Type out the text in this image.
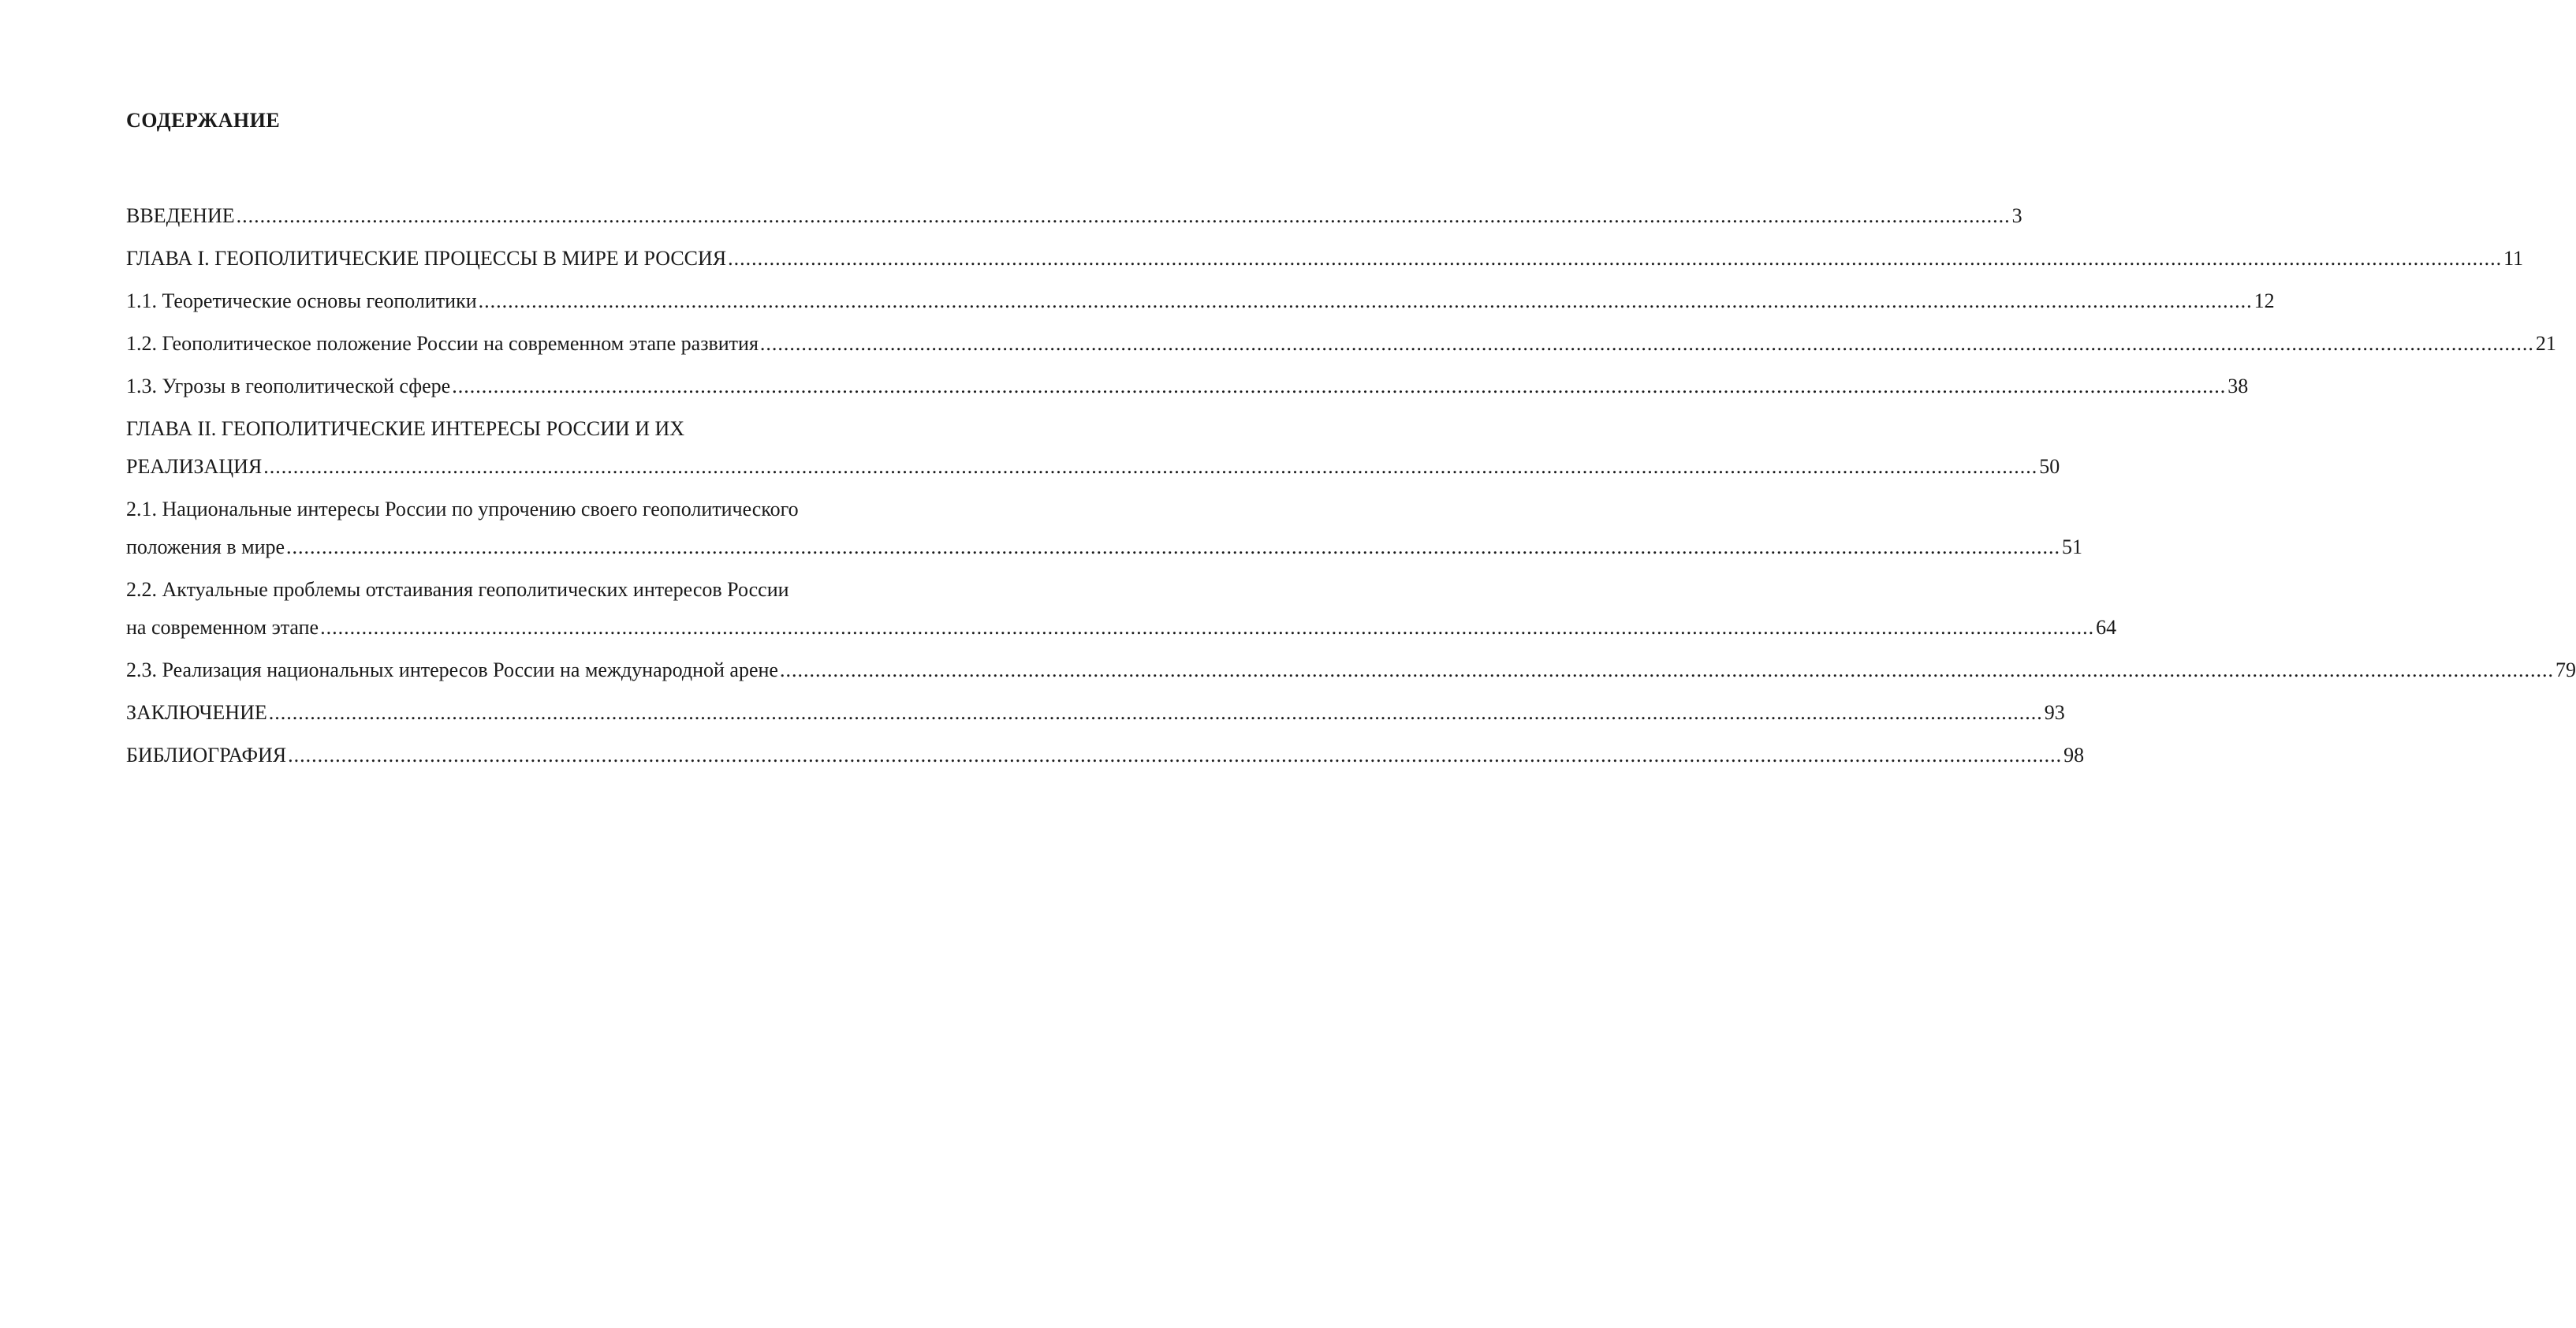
СОДЕРЖАНИЕ
ВВЕДЕНИЕ ............................................................................................................................................................................................................................................................................................................ 3
ГЛАВА I. ГЕОПОЛИТИЧЕСКИЕ ПРОЦЕССЫ В МИРЕ И РОССИЯ ............................................................................................................................................................................................................................................................................................................ 11
1.1. Теоретические основы геополитики ............................................................................................................................................................................................................................................................................................................ 12
1.2. Геополитическое положение России на современном этапе развития ............................................................................................................................................................................................................................................................................................................ 21
1.3. Угрозы в геополитической сфере ............................................................................................................................................................................................................................................................................................................ 38
ГЛАВА II. ГЕОПОЛИТИЧЕСКИЕ ИНТЕРЕСЫ РОССИИ И ИХ
РЕАЛИЗАЦИЯ ............................................................................................................................................................................................................................................................................................................ 50
2.1. Национальные интересы России по упрочению своего геополитического
положения в мире ............................................................................................................................................................................................................................................................................................................ 51
2.2. Актуальные проблемы отстаивания геополитических интересов России
на современном этапе ............................................................................................................................................................................................................................................................................................................ 64
2.3. Реализация национальных интересов России на международной арене ............................................................................................................................................................................................................................................................................................................ 79
ЗАКЛЮЧЕНИЕ ............................................................................................................................................................................................................................................................................................................ 93
БИБЛИОГРАФИЯ ............................................................................................................................................................................................................................................................................................................ 98
